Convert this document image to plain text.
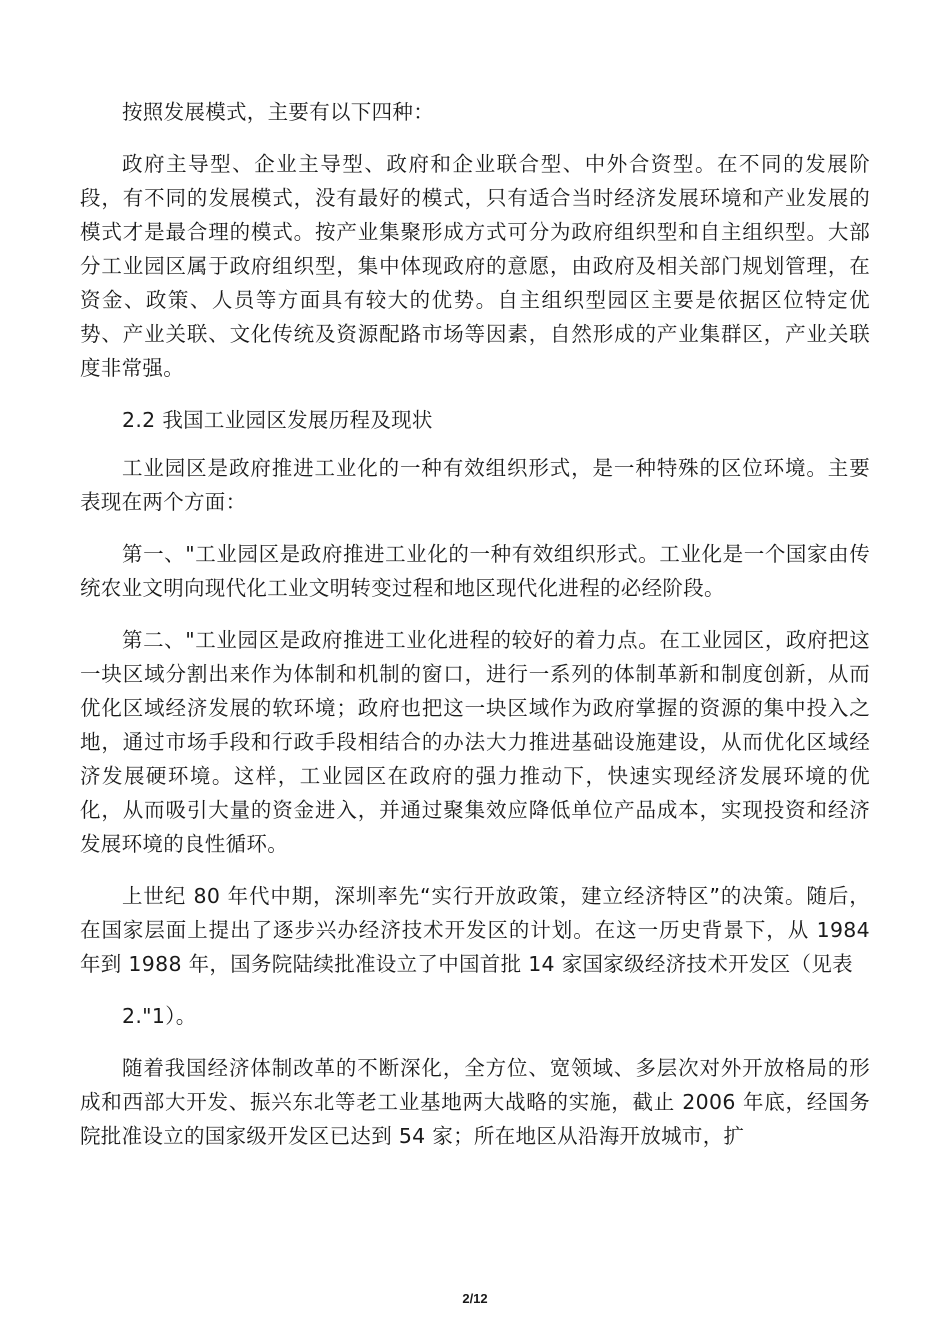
按照发展模式，主要有以下四种：

政府主导型、企业主导型、政府和企业联合型、中外合资型。在不同的发展阶段，有不同的发展模式，没有最好的模式，只有适合当时经济发展环境和产业发展的模式才是最合理的模式。按产业集聚形成方式可分为政府组织型和自主组织型。大部分工业园区属于政府组织型，集中体现政府的意愿，由政府及相关部门规划管理，在资金、政策、人员等方面具有较大的优势。自主组织型园区主要是依据区位特定优势、产业关联、文化传统及资源配路市场等因素，自然形成的产业集群区，产业关联度非常强。

2.2 我国工业园区发展历程及现状

工业园区是政府推进工业化的一种有效组织形式，是一种特殊的区位环境。主要表现在两个方面：

第一、"工业园区是政府推进工业化的一种有效组织形式。工业化是一个国家由传统农业文明向现代化工业文明转变过程和地区现代化进程的必经阶段。

第二、"工业园区是政府推进工业化进程的较好的着力点。在工业园区，政府把这一块区域分割出来作为体制和机制的窗口，进行一系列的体制革新和制度创新，从而优化区域经济发展的软环境；政府也把这一块区域作为政府掌握的资源的集中投入之地，通过市场手段和行政手段相结合的办法大力推进基础设施建设，从而优化区域经济发展硬环境。这样，工业园区在政府的强力推动下，快速实现经济发展环境的优化，从而吸引大量的资金进入，并通过聚集效应降低单位产品成本，实现投资和经济发展环境的良性循环。

上世纪 80 年代中期，深圳率先“实行开放政策，建立经济特区”的决策。随后，在国家层面上提出了逐步兴办经济技术开发区的计划。在这一历史背景下，从 1984 年到 1988 年，国务院陆续批准设立了中国首批 14 家国家级经济技术开发区（见表

2."1）。

随着我国经济体制改革的不断深化，全方位、宽领域、多层次对外开放格局的形成和西部大开发、振兴东北等老工业基地两大战略的实施，截止 2006 年底，经国务院批准设立的国家级开发区已达到 54 家；所在地区从沿海开放城市，扩

2/12
